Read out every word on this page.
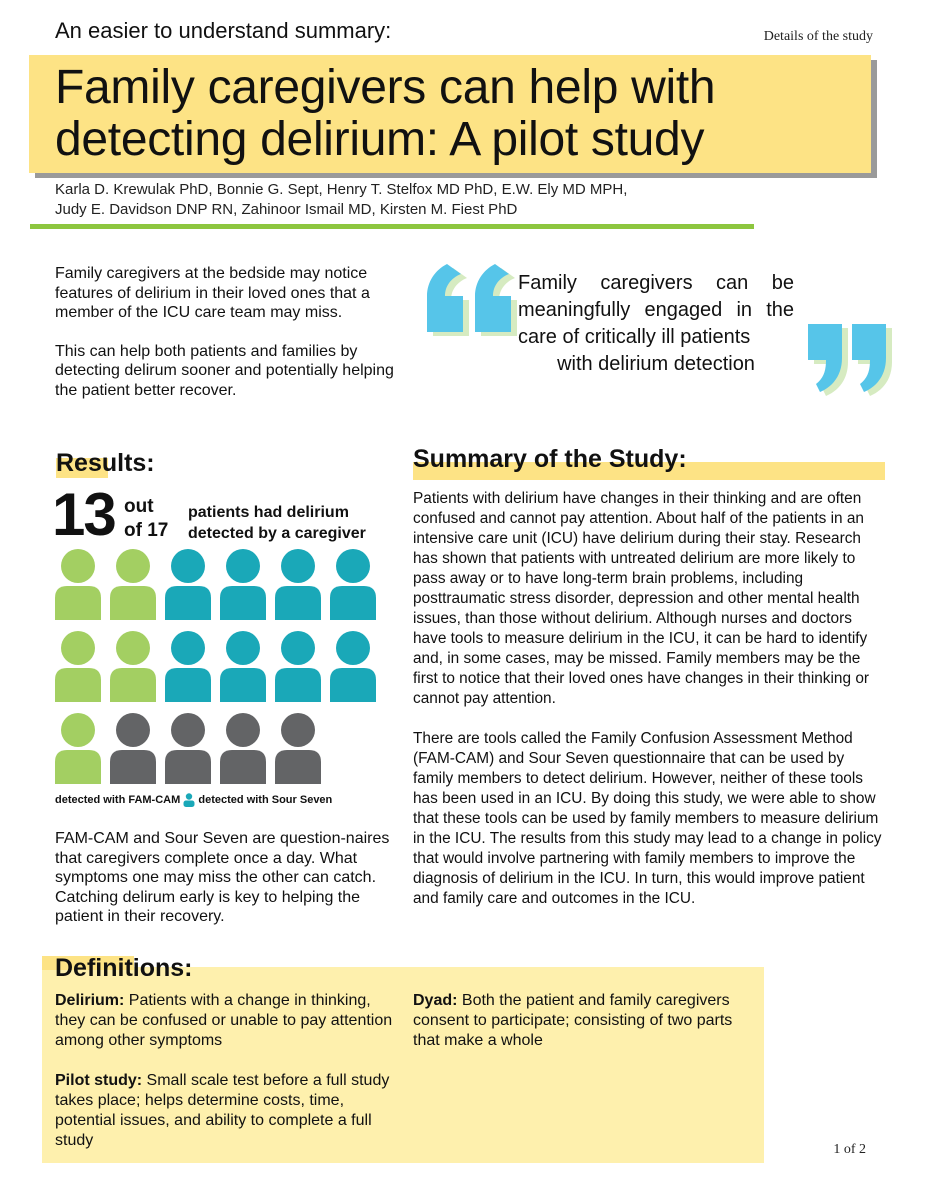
An easier to understand summary:	Details of the study
Family caregivers can help with
detecting delirium: A pilot study
Karla D. Krewulak PhD, Bonnie G. Sept, Henry T. Stelfox MD PhD, E.W. Ely MD MPH,
Judy E. Davidson DNP RN, Zahinoor Ismail MD, Kirsten M. Fiest PhD

Family caregivers at the bedside may notice features of delirium in their loved ones that a member of the ICU care team may miss.

This can help both patients and families by detecting delirum sooner and potentially helping the patient better recover.

Family caregivers can be meaningfully engaged in the care of critically ill patients
with delirium detection
Results:
13 out
of 17
patients had delirium
detected by a caregiver
detected with FAM-CAM detected with Sour Seven
FAM-CAM and Sour Seven are question-naires that caregivers complete once a day. What symptoms one may miss the other can catch. Catching delirum early is key to helping the patient in their recovery.
Summary of the Study:

Patients with delirium have changes in their thinking and are often confused and cannot pay attention. About half of the patients in an intensive care unit (ICU) have delirium during their stay. Research has shown that patients with untreated delirium are more likely to pass away or to have long-term brain problems, including posttraumatic stress disorder, depression and other mental health issues, than those without delirium. Although nurses and doctors have tools to measure delirium in the ICU, it can be hard to identify and, in some cases, may be missed. Family members may be the first to notice that their loved ones have changes in their thinking or cannot pay attention.

There are tools called the Family Confusion Assessment Method (FAM-CAM) and Sour Seven questionnaire that can be used by family members to detect delirium. However, neither of these tools has been used in an ICU. By doing this study, we were able to show that these tools can be used by family members to measure delirium in the ICU. The results from this study may lead to a change in policy that would involve partnering with family members to improve the diagnosis of delirium in the ICU. In turn, this would improve patient and family care and outcomes in the ICU.

Definitions:

Delirium: Patients with a change in thinking, they can be confused or unable to pay attention among other symptoms

Pilot study: Small scale test before a full study takes place; helps determine costs, time, potential issues, and ability to complete a full study

Dyad: Both the patient and family caregivers consent to participate; consisting of two parts that make a whole

1 of 2
